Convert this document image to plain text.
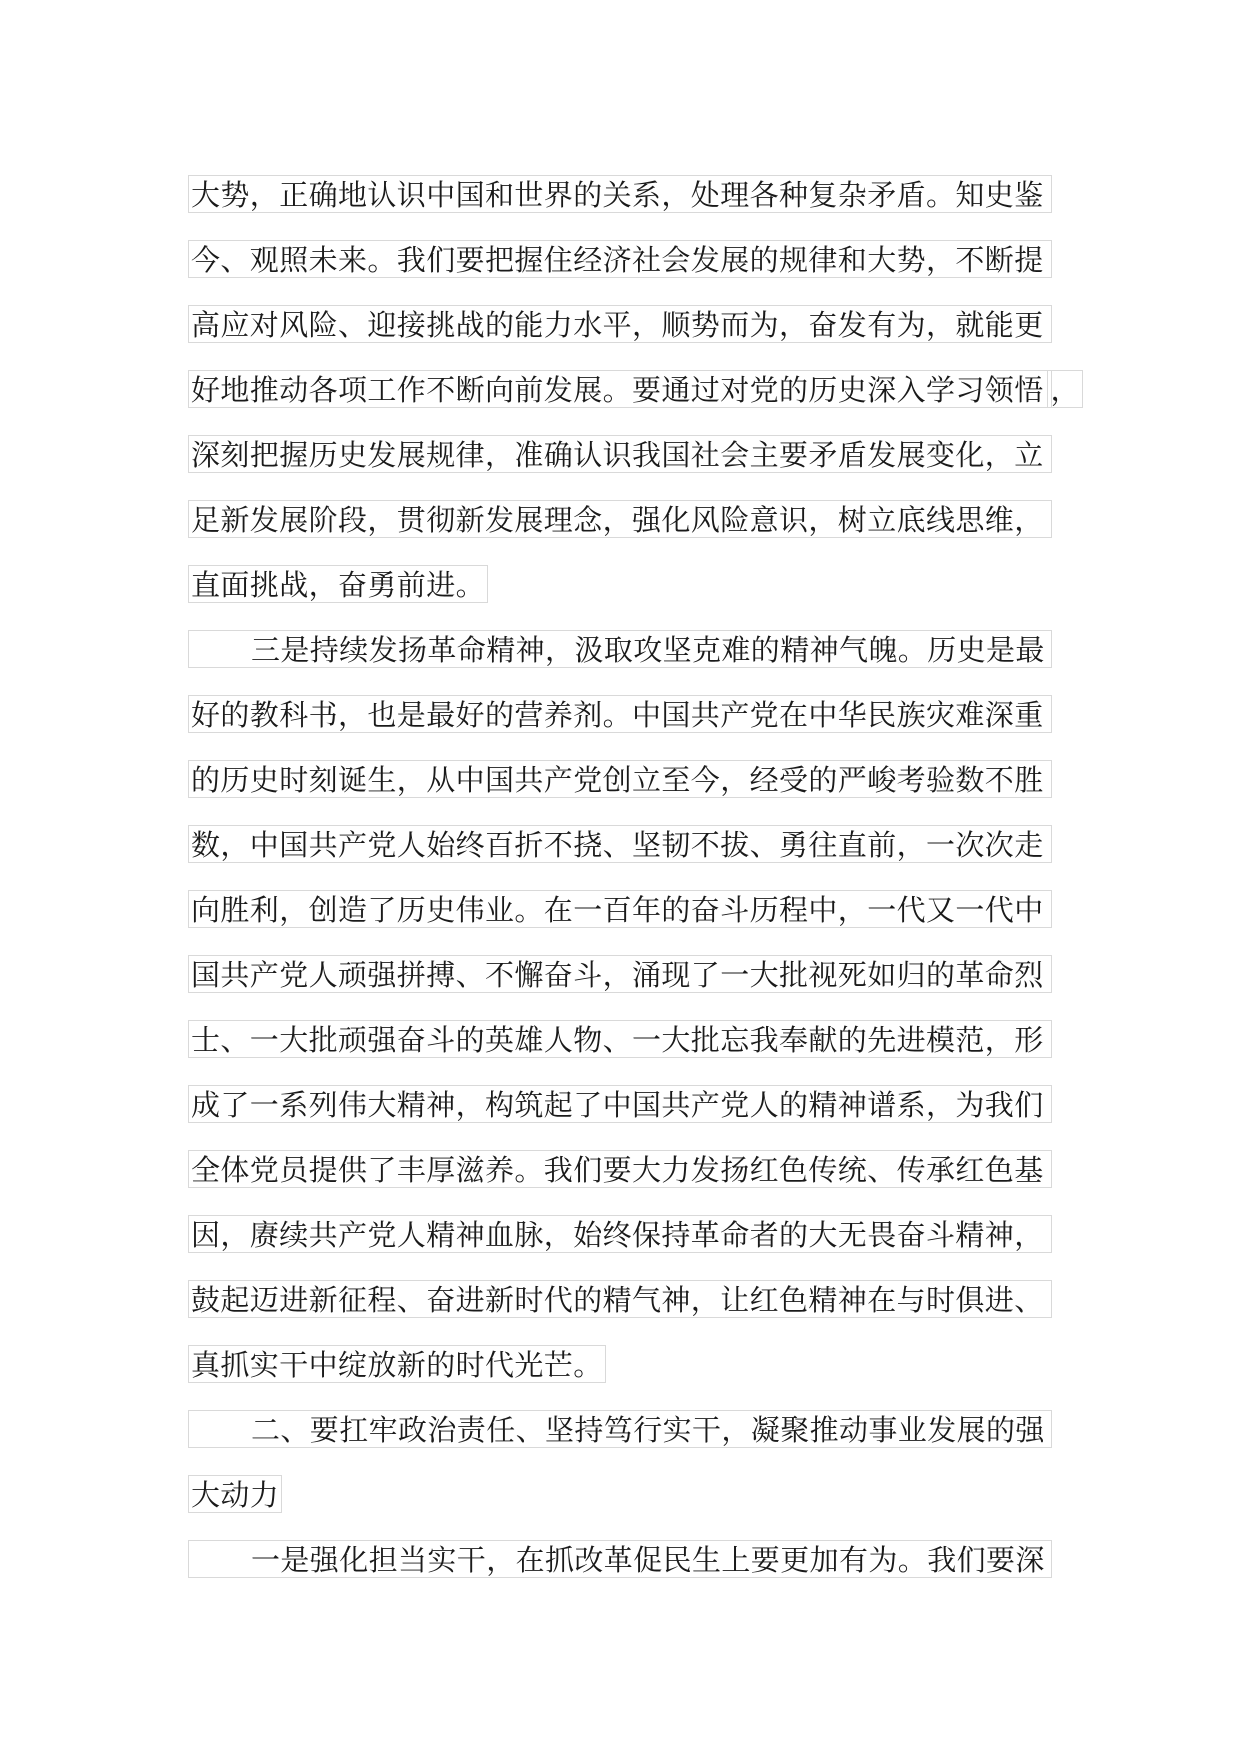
大势，正确地认识中国和世界的关系，处理各种复杂矛盾。知史鉴
今、观照未来。我们要把握住经济社会发展的规律和大势，不断提
高应对风险、迎接挑战的能力水平，顺势而为，奋发有为，就能更
好地推动各项工作不断向前发展。要通过对党的历史深入学习领悟 ，
深刻把握历史发展规律，准确认识我国社会主要矛盾发展变化，立
足新发展阶段，贯彻新发展理念，强化风险意识，树立底线思维，
直面挑战，奋勇前进。
三是持续发扬革命精神，汲取攻坚克难的精神气魄。历史是最
好的教科书，也是最好的营养剂。中国共产党在中华民族灾难深重
的历史时刻诞生，从中国共产党创立至今，经受的严峻考验数不胜
数，中国共产党人始终百折不挠、坚韧不拔、勇往直前，一次次走
向胜利，创造了历史伟业。在一百年的奋斗历程中，一代又一代中
国共产党人顽强拼搏、不懈奋斗，涌现了一大批视死如归的革命烈
士、一大批顽强奋斗的英雄人物、一大批忘我奉献的先进模范，形
成了一系列伟大精神，构筑起了中国共产党人的精神谱系，为我们
全体党员提供了丰厚滋养。我们要大力发扬红色传统、传承红色基
因，赓续共产党人精神血脉，始终保持革命者的大无畏奋斗精神，
鼓起迈进新征程、奋进新时代的精气神，让红色精神在与时俱进、
真抓实干中绽放新的时代光芒。
二、要扛牢政治责任、坚持笃行实干，凝聚推动事业发展的强
大动力
一是强化担当实干，在抓改革促民生上要更加有为。我们要深
